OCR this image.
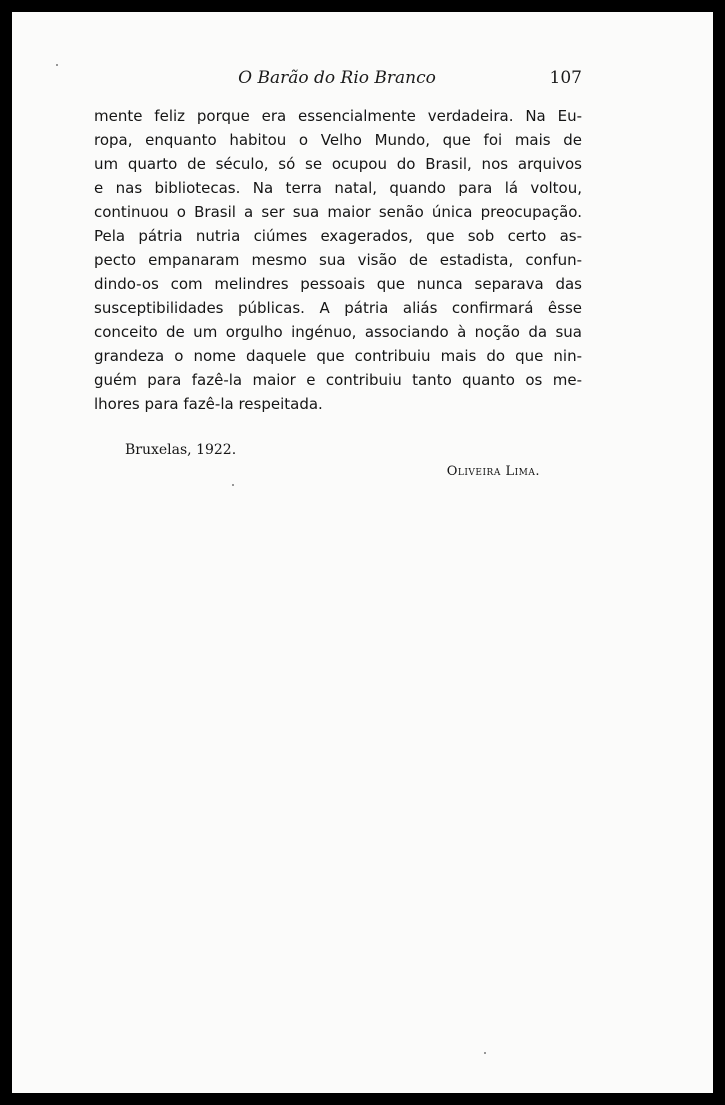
O Barão do Rio Branco	107

mente feliz porque era essencialmente verdadeira. Na Eu-
ropa, enquanto habitou o Velho Mundo, que foi mais de
um quarto de século, só se ocupou do Brasil, nos arquivos
e nas bibliotecas. Na terra natal, quando para lá voltou,
continuou o Brasil a ser sua maior senão única preocupação.
Pela pátria nutria ciúmes exagerados, que sob certo as-
pecto empanaram mesmo sua visão de estadista, confun-
dindo-os com melindres pessoais que nunca separava das
susceptibilidades públicas. A pátria aliás confirmará êsse
conceito de um orgulho ingénuo, associando à noção da sua
grandeza o nome daquele que contribuiu mais do que nin-
guém para fazê-la maior e contribuiu tanto quanto os me-
lhores para fazê-la respeitada.

Bruxelas, 1922.
Oliveira Lima.
